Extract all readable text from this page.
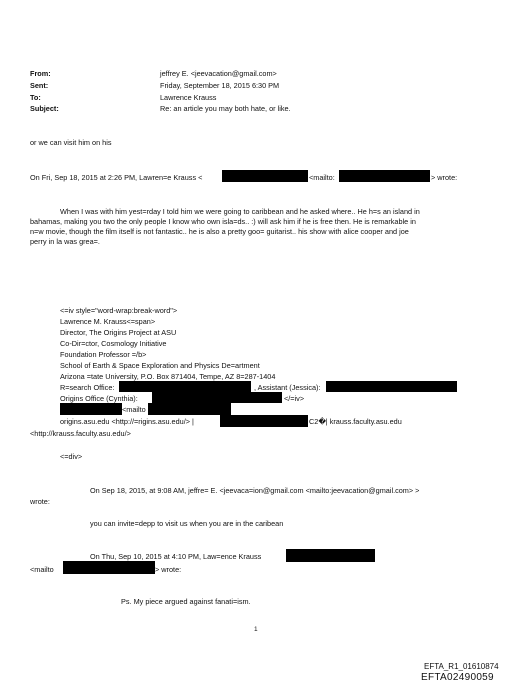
From:	jeffrey E. <jeevacation@gmail.com>
Sent:	Friday, September 18, 2015 6:30 PM
To:	Lawrence Krauss
Subject:	Re: an article you may both hate, or like.
or we can visit him on his
On Fri, Sep 18, 2015 at 2:26 PM, Lawren=e Krauss <	<mailto:	> wrote:
When I was with him yest=rday I told him we were going to caribbean and he asked where.. He h=s an island in
bahamas, making you two the only people I know who own isla=ds.. :) will ask him if he is free then. He is remarkable in
n=w movie, though the film itself is not fantastic.. he is also a pretty goo= guitarist.. his show with alice cooper and joe
perry in la was grea=.
<=iv style="word-wrap:break-word">
Lawrence M. Krauss<=span>
Director, The Origins Project at ASU
Co-Dir=ctor, Cosmology Initiative
Foundation Professor =/b>
School of Earth & Space Exploration and Physics De=artment
Arizona =tate University, P.O. Box 871404, Tempe, AZ 8=287-1404
R=search Office:	, Assistant (Jessica):
Origins Office (Cynthia):	</=iv>
<mailto
origins.asu.edu <http://=rigins.asu.edu/> |	C2�| krauss.faculty.asu.edu
<http://krauss.faculty.asu.edu/>
<=div>
On Sep 18, 2015, at 9:08 AM, jeffre= E. <jeevaca=ion@gmail.com <mailto:jeevacation@gmail.com> >
wrote:
you can invite=depp to visit us when you are in the caribean
On Thu, Sep 10, 2015 at 4:10 PM, Law=ence Krauss
<mailto	> wrote:
Ps. My piece argued against fanati=ism.
1
EFTA_R1_01610874
EFTA02490059
